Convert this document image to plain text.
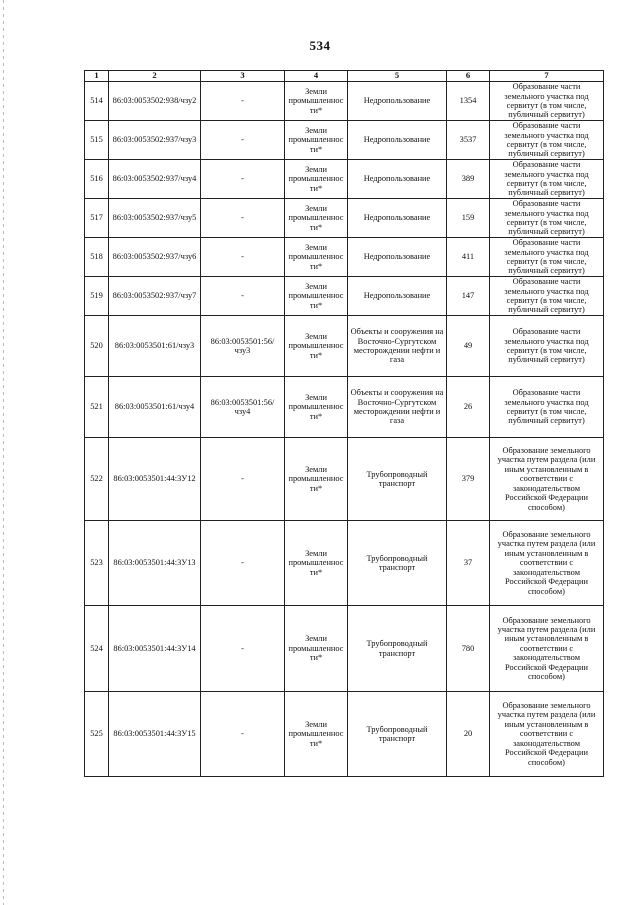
534
1	2	3	4	5	6	7
514	86:03:0053502:938/чзу2	-	Земли промышленности*	Недропользование	1354	Образование части земельного участка под сервитут (в том числе, публичный сервитут)
515	86:03:0053502:937/чзу3	-	Земли промышленности*	Недропользование	3537	Образование части земельного участка под сервитут (в том числе, публичный сервитут)
516	86:03:0053502:937/чзу4	-	Земли промышленности*	Недропользование	389	Образование части земельного участка под сервитут (в том числе, публичный сервитут)
517	86:03:0053502:937/чзу5	-	Земли промышленности*	Недропользование	159	Образование части земельного участка под сервитут (в том числе, публичный сервитут)
518	86:03:0053502:937/чзу6	-	Земли промышленности*	Недропользование	411	Образование части земельного участка под сервитут (в том числе, публичный сервитут)
519	86:03:0053502:937/чзу7	-	Земли промышленности*	Недропользование	147	Образование части земельного участка под сервитут (в том числе, публичный сервитут)
520	86:03:0053501:61/чзу3	86:03:0053501:56/чзу3	Земли промышленности*	Объекты и сооружения на Восточно-Сургутском месторождении нефти и газа	49	Образование части земельного участка под сервитут (в том числе, публичный сервитут)
521	86:03:0053501:61/чзу4	86:03:0053501:56/чзу4	Земли промышленности*	Объекты и сооружения на Восточно-Сургутском месторождении нефти и газа	26	Образование части земельного участка под сервитут (в том числе, публичный сервитут)
522	86:03:0053501:44:3У12	-	Земли промышленности*	Трубопроводный транспорт	379	Образование земельного участка путем раздела (или иным установленным в соответствии с законодательством Российской Федерации способом)
523	86:03:0053501:44:3У13	-	Земли промышленности*	Трубопроводный транспорт	37	Образование земельного участка путем раздела (или иным установленным в соответствии с законодательством Российской Федерации способом)
524	86:03:0053501:44:3У14	-	Земли промышленности*	Трубопроводный транспорт	780	Образование земельного участка путем раздела (или иным установленным в соответствии с законодательством Российской Федерации способом)
525	86:03:0053501:44:3У15	-	Земли промышленности*	Трубопроводный транспорт	20	Образование земельного участка путем раздела (или иным установленным в соответствии с законодательством Российской Федерации способом)
